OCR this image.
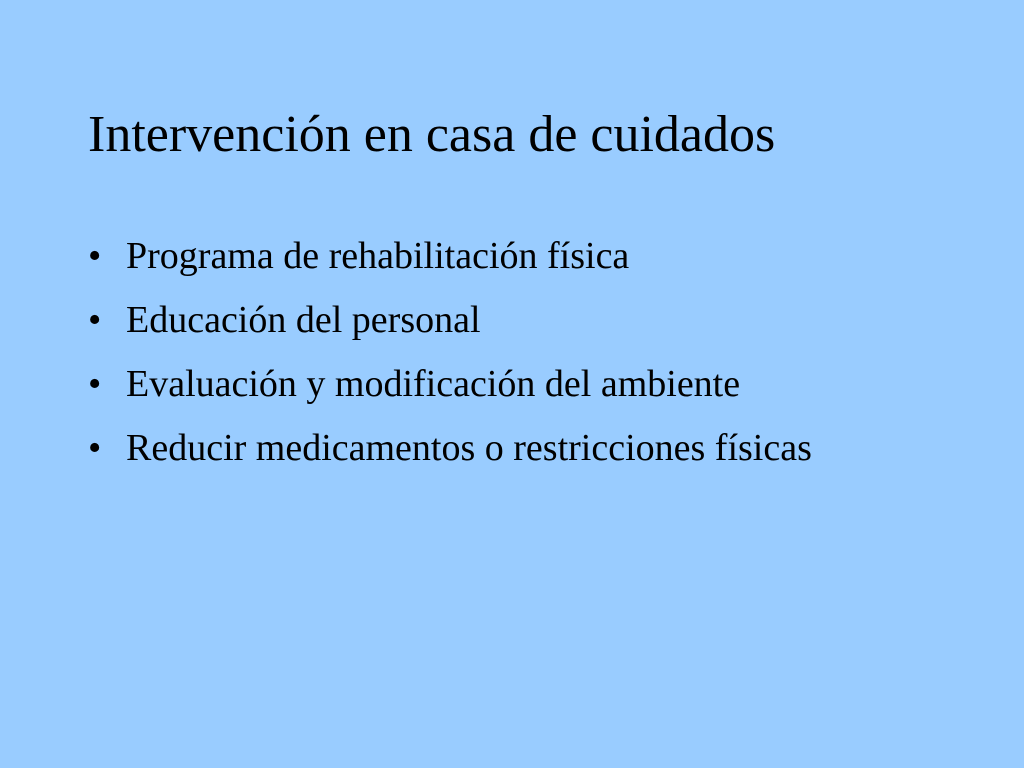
Intervención en casa de cuidados
• Programa de rehabilitación física
• Educación del personal
• Evaluación y modificación del ambiente
• Reducir medicamentos o restricciones físicas
